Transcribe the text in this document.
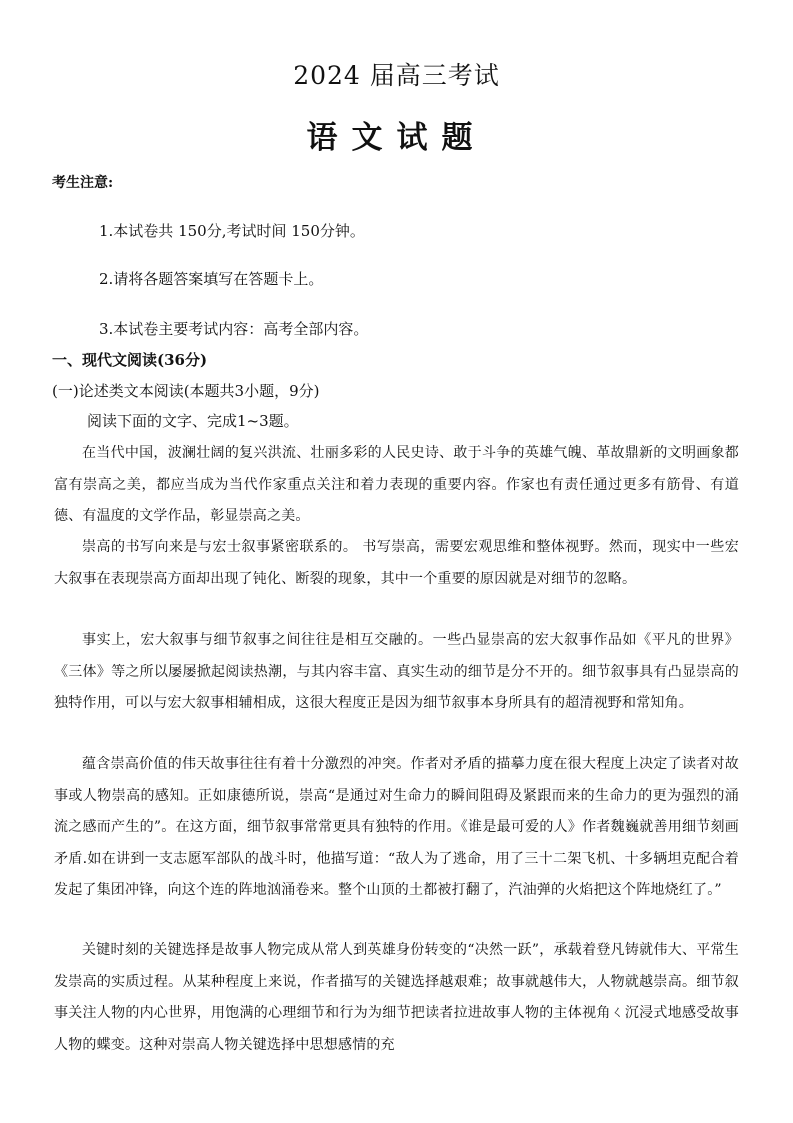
2024 届高三考试
语文试题
考生注意:
1.本试卷共 150分,考试时间 150分钟。
2.请将各题答案填写在答题卡上。
3.本试卷主要考试内容：高考全部内容。
一、现代文阅读(36分)
(一)论述类文本阅读(本题共3小题，9分)
阅读下面的文字、完成1~3题。

在当代中国，波澜壮阔的复兴洪流、壮丽多彩的人民史诗、敢于斗争的英雄气魄、革故鼎新的文明画象都富有崇高之美，都应当成为当代作家重点关注和着力表现的重要内容。作家也有责任通过更多有筋骨、有道德、有温度的文学作品，彰显崇高之美。

崇高的书写向来是与宏士叙事紧密联系的。 书写崇高，需要宏观思维和整体视野。然而，现实中一些宏大叙事在表现崇高方面却出现了钝化、断裂的现象，其中一个重要的原因就是对细节的忽略。

事实上，宏大叙事与细节叙事之间往往是相互交融的。一些凸显崇高的宏大叙事作品如《平凡的世界》《三体》等之所以屡屡掀起阅读热潮，与其内容丰富、真实生动的细节是分不开的。细节叙事具有凸显崇高的独特作用，可以与宏大叙事相辅相成，这很大程度正是因为细节叙事本身所具有的超清视野和常知角。

蕴含崇高价值的伟天故事往往有着十分激烈的冲突。作者对矛盾的描摹力度在很大程度上决定了读者对故事或人物崇高的感知。正如康德所说，崇高“是通过对生命力的瞬间阻碍及紧跟而来的生命力的更为强烈的涌流之感而产生的”。在这方面，细节叙事常常更具有独特的作用。《谁是最可爱的人》作者魏巍就善用细节刻画矛盾.如在讲到一支志愿军部队的战斗时，他描写道：“敌人为了逃命，用了三十二架飞机、十多辆坦克配合着发起了集团冲锋，向这个连的阵地汹涌卷来。整个山顶的土都被打翻了，汽油弹的火焰把这个阵地烧红了。”

关键时刻的关键选择是故事人物完成从常人到英雄身份转变的“决然一跃”，承载着登凡铸就伟大、平常生发崇高的实质过程。从某种程度上来说，作者描写的关键选择越艰难；故事就越伟大，人物就越崇高。细节叙事关注人物的内心世界，用饱满的心理细节和行为为细节把读者拉进故事人物的主体视角ㄑ沉浸式地感受故事人物的蝶变。这种对崇高人物关键选择中思想感情的充
